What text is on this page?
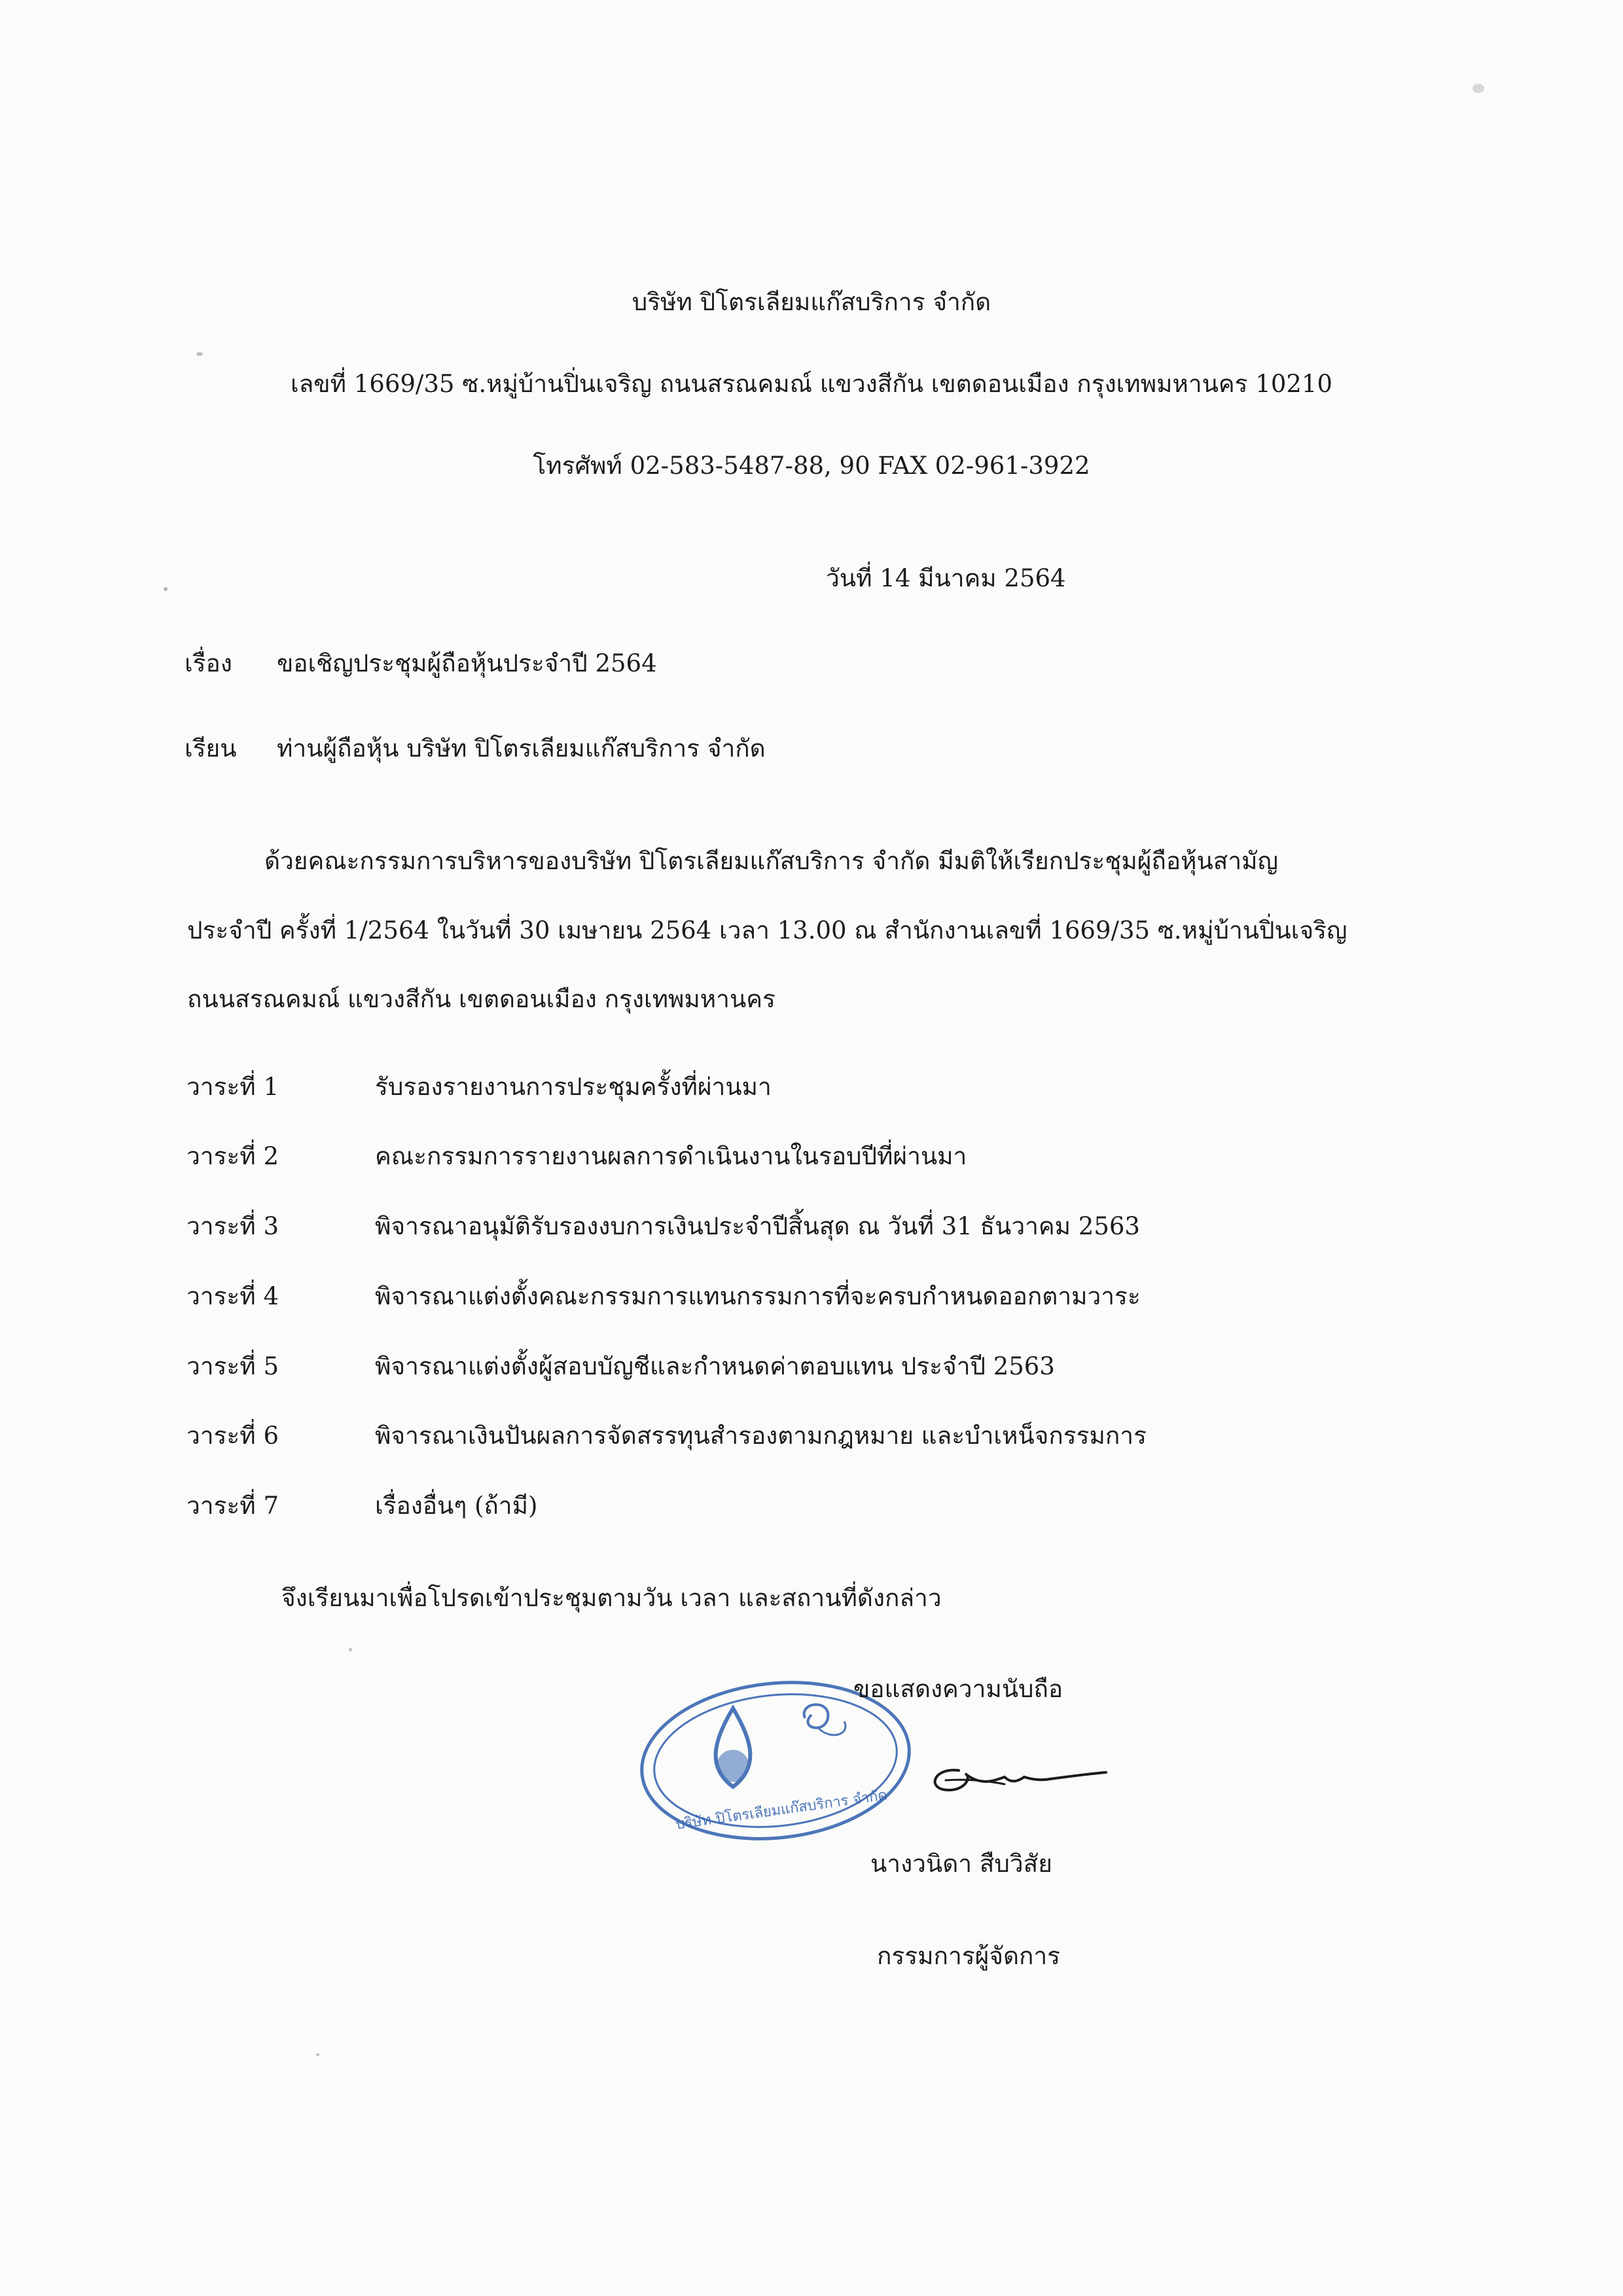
บริษัท ปิโตรเลียมแก๊สบริการ จำกัด
เลขที่ 1669/35 ซ.หมู่บ้านปิ่นเจริญ ถนนสรณคมณ์ แขวงสีกัน เขตดอนเมือง กรุงเทพมหานคร 10210
โทรศัพท์ 02-583-5487-88, 90 FAX 02-961-3922
วันที่ 14 มีนาคม 2564
เรื่อง ขอเชิญประชุมผู้ถือหุ้นประจำปี 2564
เรียน ท่านผู้ถือหุ้น บริษัท ปิโตรเลียมแก๊สบริการ จำกัด
ด้วยคณะกรรมการบริหารของบริษัท ปิโตรเลียมแก๊สบริการ จำกัด มีมติให้เรียกประชุมผู้ถือหุ้นสามัญ
ประจำปี ครั้งที่ 1/2564 ในวันที่ 30 เมษายน 2564 เวลา 13.00 ณ สำนักงานเลขที่ 1669/35 ซ.หมู่บ้านปิ่นเจริญ
ถนนสรณคมณ์ แขวงสีกัน เขตดอนเมือง กรุงเทพมหานคร
วาระที่ 1	รับรองรายงานการประชุมครั้งที่ผ่านมา
วาระที่ 2	คณะกรรมการรายงานผลการดำเนินงานในรอบปีที่ผ่านมา
วาระที่ 3	พิจารณาอนุมัติรับรองงบการเงินประจำปีสิ้นสุด ณ วันที่ 31 ธันวาคม 2563
วาระที่ 4	พิจารณาแต่งตั้งคณะกรรมการแทนกรรมการที่จะครบกำหนดออกตามวาระ
วาระที่ 5	พิจารณาแต่งตั้งผู้สอบบัญชีและกำหนดค่าตอบแทน ประจำปี 2563
วาระที่ 6	พิจารณาเงินปันผลการจัดสรรทุนสำรองตามกฎหมาย และบำเหน็จกรรมการ
วาระที่ 7	เรื่องอื่นๆ (ถ้ามี)
จึงเรียนมาเพื่อโปรดเข้าประชุมตามวัน เวลา และสถานที่ดังกล่าว
บริษัท ปิโตรเลียมแก๊สบริการ จำกัด
ขอแสดงความนับถือ
นางวนิดา สืบวิสัย
กรรมการผู้จัดการ
